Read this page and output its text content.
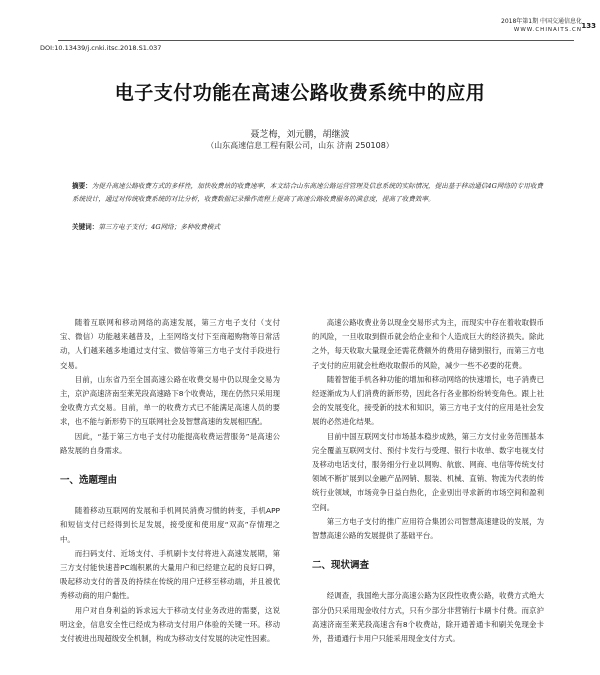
2018年第1期 中国交通信息化
WWW.CHINAITS.CN 133
DOI:10.13439/j.cnki.itsc.2018.S1.037
电子支付功能在高速公路收费系统中的应用
聂芝梅，刘元鹏，胡继波
（山东高速信息工程有限公司，山东 济南 250108）
摘要：为提升高速公路收费方式的多样性，加快收费站的收费速率，本文结合山东高速公路运营管理及信息系统的实际情况，提出基于移动通信4G网络的专用收费系统设计，通过对传统收费系统的对比分析，收费数据记录操作流程上提高了高速公路收费服务的满意度，提高了收费效率。
关键词：第三方电子支付；4G网络；多种收费模式

随着互联网和移动网络的高速发展，第三方电子支付（支付宝、微信）功能越来越普及，上至网络支付下至商超购物等日常活动，人们越来越多地通过支付宝、微信等第三方电子支付手段进行交易。

目前，山东省乃至全国高速公路在收费交易中仍以现金交易为主，京沪高速济南至莱芜段高速路下8个收费站，现在仍然只采用现金收费方式交易。目前，单一的收费方式已不能满足高速人员的要求，也不能与新形势下的互联网社会及智慧高速的发展相匹配。

因此，“基于第三方电子支付功能提高收费运营服务”是高速公路发展的自身需求。

一、选题理由

随着移动互联网的发展和手机网民消费习惯的转变，手机APP和短信支付已经得到长足发展，接受度和使用度“双高”存情理之中。

而扫码支付、近场支付、手机刷卡支付将进入高速发展期，第三方支付能快速普PC端积累的大量用户和已经建立起的良好口碑，吸起移动支付的普及的持续在传统的用户迁移至移动端，并且被优秀移动商的用户黏性。

用户对自身利益的诉求远大于移动支付业务改进的需要，这说明这金，信息安全性已经成为移动支付用户体验的关键一环。移动支付被进出现超级安全机制，构成为移动支付发展的决定性因素。

高速公路收费业务以现金交易形式为主，而现实中存在着收取假币的风险，一旦收取到假币就会给企业和个人造成巨大的经济损失。除此之外，每天收取大量现金还需花费额外的费用存储到银行，而第三方电子支付的应用就会杜绝收取假币的风险，减少一些不必要的花费。

随着智能手机各种功能的增加和移动网络的快速增长，电子消费已经逐渐成为人们消费的新形势，因此各行各业都纷纷转变角色。跟上社会的发展变化，接受新的技术和知识，第三方电子支付的应用是社会发展的必然进化结果。

目前中国互联网支付市场基本稳步成熟，第三方支付业务范围基本完全覆盖互联网支付、预付卡发行与受理、银行卡收单、数字电视支付及移动电话支付，服务细分行业以网购、航旅、网商、电信等传统支付领域不断扩展到以金融产品网销、服装、机械、直销、物流为代表的传统行业领域，市场竞争日益白热化，企业别出寻求新的市场空间和盈利空间。

第三方电子支付的推广应用符合集团公司智慧高速建设的发展，为智慧高速公路的发展提供了基础平台。

二、现状调查

经调查，我国绝大部分高速公路为区段性收费公路，收费方式绝大部分仍只采用现金收付方式，只有少部分非营销行卡刷卡付费。而京沪高速济南至莱芜段高速含有8个收费站，除开通普通卡和刷关免现金卡外，普通通行卡用户只能采用现金支付方式。
